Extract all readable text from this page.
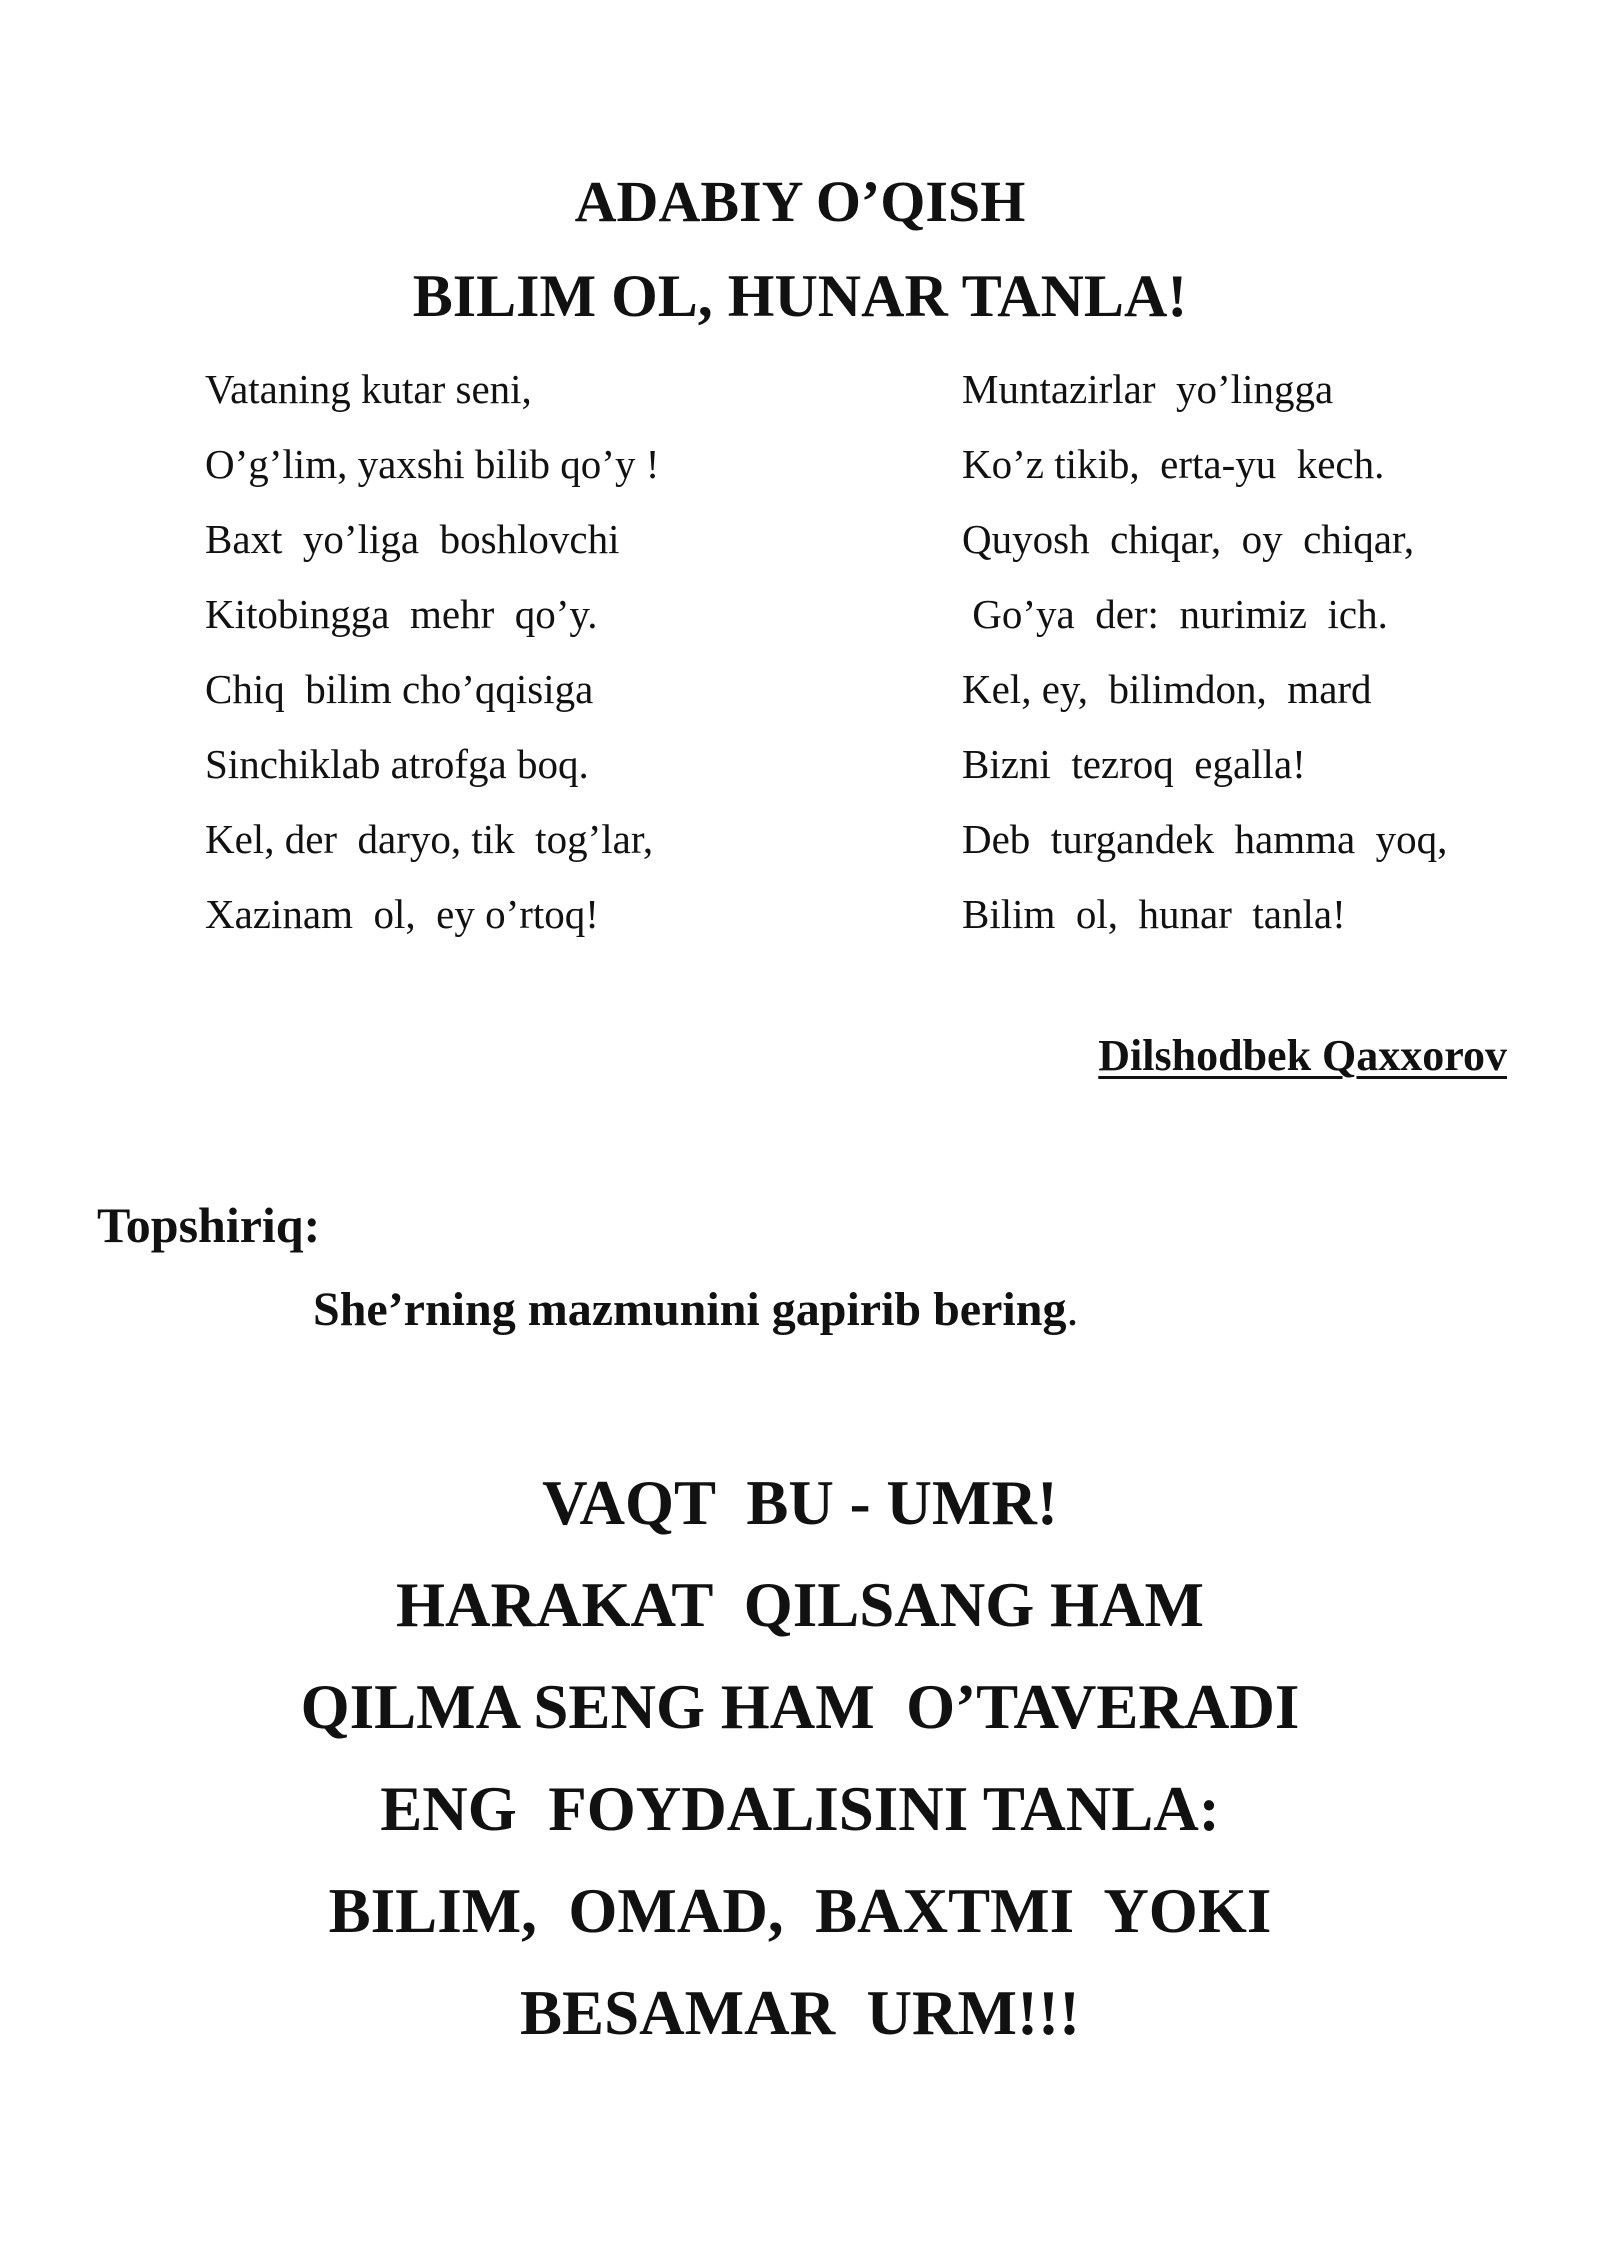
ADABIY O’QISH
BILIM OL, HUNAR TANLA!
Vataning kutar seni,
O’g’lim, yaxshi bilib qo’y !
Baxt  yo’liga  boshlovchi
Kitobingga  mehr  qo’y.
Chiq  bilim cho’qqisiga
Sinchiklab atrofga boq.
Kel, der  daryo, tik  tog’lar,
Xazinam  ol,  ey o’rtoq!
Muntazirlar  yo’lingga
Ko’z tikib,  erta-yu  kech.
Quyosh  chiqar,  oy  chiqar,
Go’ya  der:  nurimiz  ich.
Kel, ey,  bilimdon,  mard
Bizni  tezroq  egalla!
Deb  turgandek  hamma  yoq,
Bilim  ol,  hunar  tanla!
Dilshodbek Qaxxorov
Topshiriq:
She’rning mazmunini gapirib bering.
VAQT  BU - UMR!
HARAKAT  QILSANG HAM
QILMA SENG HAM  O’TAVERADI
ENG  FOYDALISINI TANLA:
BILIM,  OMAD,  BAXTMI  YOKI
BESAMAR  URM!!!
